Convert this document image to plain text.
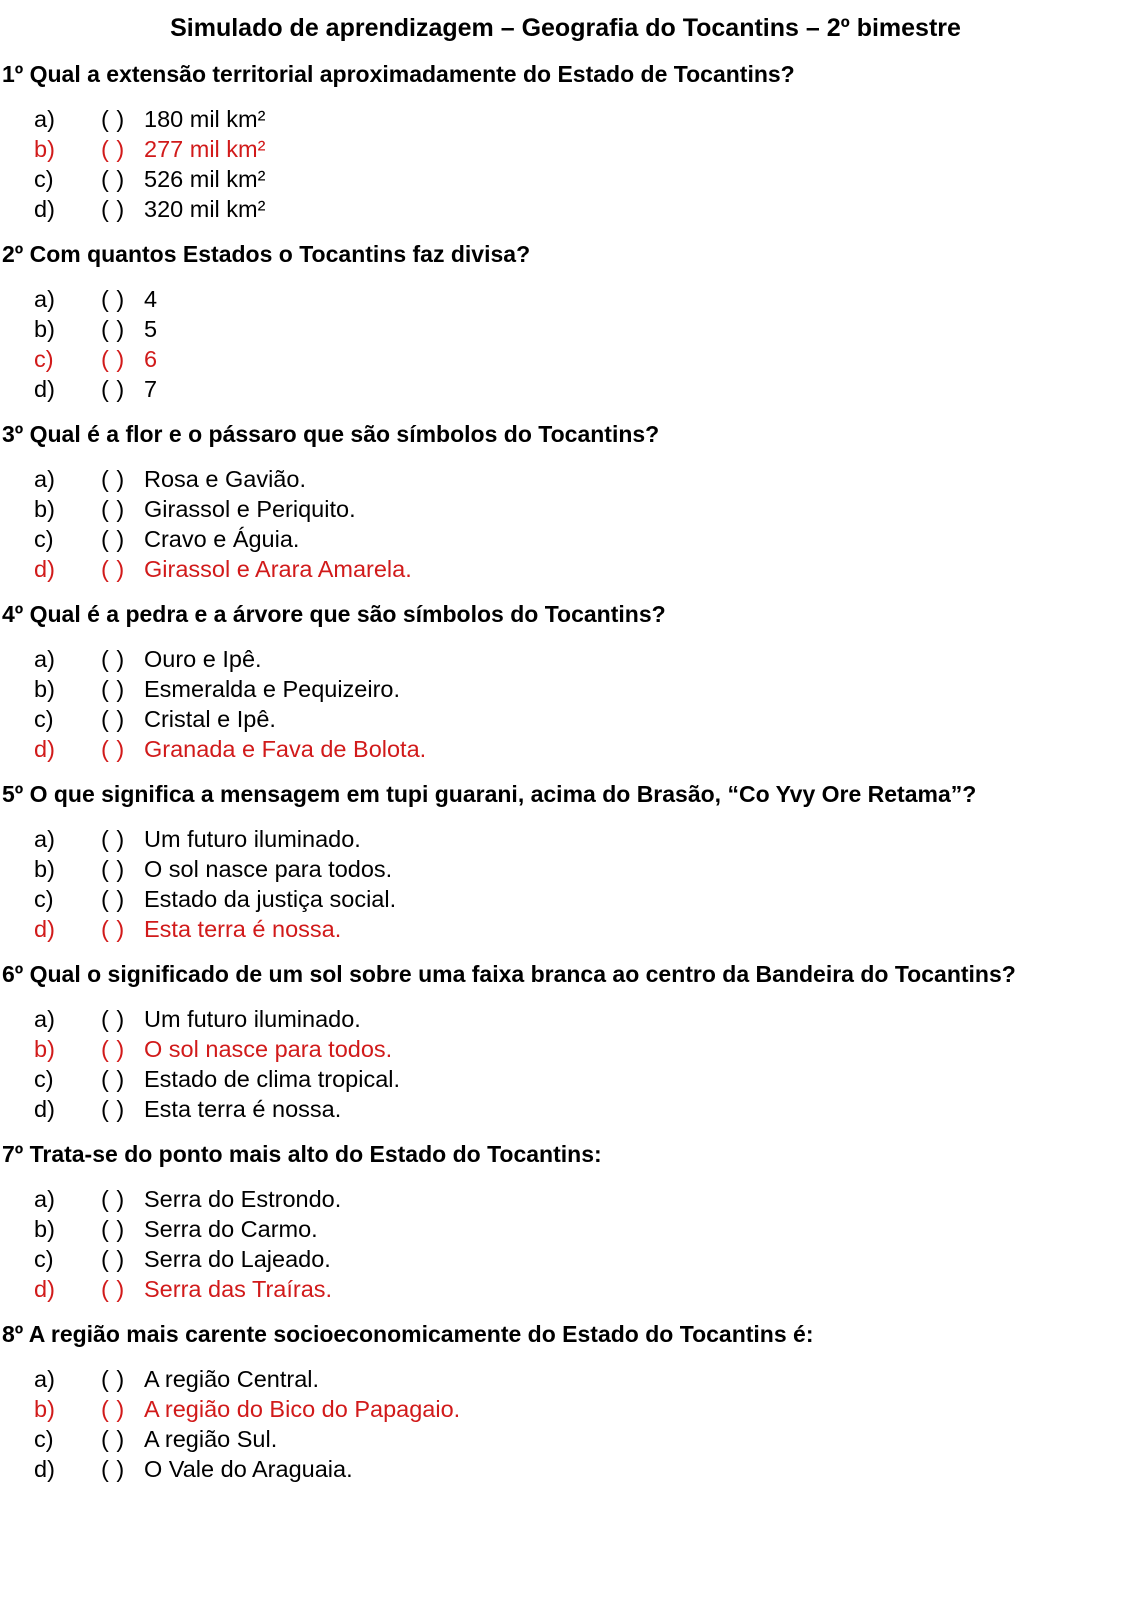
Simulado de aprendizagem – Geografia do Tocantins – 2º bimestre
1º Qual a extensão territorial aproximadamente do Estado de Tocantins?
a) ( ) 180 mil km²
b) ( ) 277 mil km²
c) ( ) 526 mil km²
d) ( ) 320 mil km²
2º Com quantos Estados o Tocantins faz divisa?
a) ( ) 4
b) ( ) 5
c) ( ) 6
d) ( ) 7
3º Qual é a flor e o pássaro que são símbolos do Tocantins?
a) ( ) Rosa e Gavião.
b) ( ) Girassol e Periquito.
c) ( ) Cravo e Águia.
d) ( ) Girassol e Arara Amarela.
4º Qual é a pedra e a árvore que são símbolos do Tocantins?
a) ( ) Ouro e Ipê.
b) ( ) Esmeralda e Pequizeiro.
c) ( ) Cristal e Ipê.
d) ( ) Granada e Fava de Bolota.
5º O que significa a mensagem em tupi guarani, acima do Brasão, “Co Yvy Ore Retama”?
a) ( ) Um futuro iluminado.
b) ( ) O sol nasce para todos.
c) ( ) Estado da justiça social.
d) ( ) Esta terra é nossa.
6º Qual o significado de um sol sobre uma faixa branca ao centro da Bandeira do Tocantins?
a) ( ) Um futuro iluminado.
b) ( ) O sol nasce para todos.
c) ( ) Estado de clima tropical.
d) ( ) Esta terra é nossa.
7º Trata-se do ponto mais alto do Estado do Tocantins:
a) ( ) Serra do Estrondo.
b) ( ) Serra do Carmo.
c) ( ) Serra do Lajeado.
d) ( ) Serra das Traíras.
8º A região mais carente socioeconomicamente do Estado do Tocantins é:
a) ( ) A região Central.
b) ( ) A região do Bico do Papagaio.
c) ( ) A região Sul.
d) ( ) O Vale do Araguaia.
